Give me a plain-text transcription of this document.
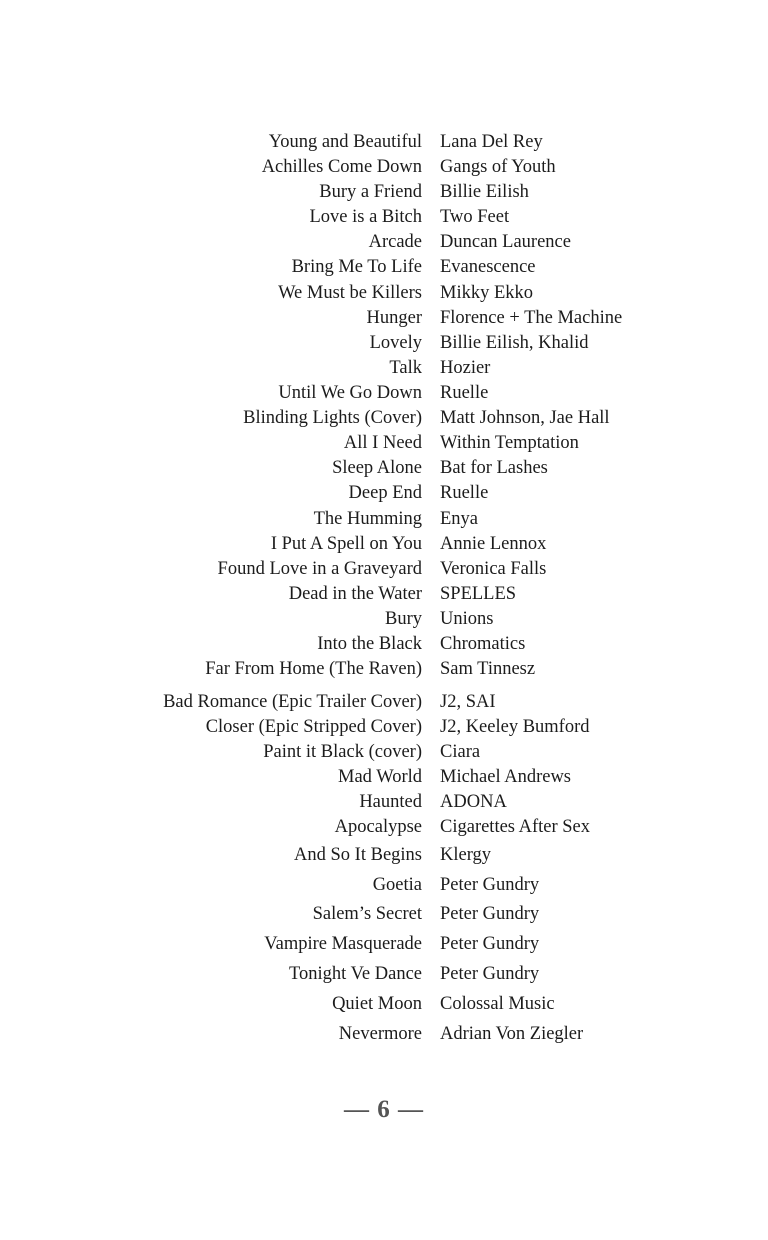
Young and Beautiful Lana Del Rey
Achilles Come Down Gangs of Youth
Bury a Friend Billie Eilish
Love is a Bitch Two Feet
Arcade Duncan Laurence
Bring Me To Life Evanescence
We Must be Killers Mikky Ekko
Hunger Florence + The Machine
Lovely Billie Eilish, Khalid
Talk Hozier
Until We Go Down Ruelle
Blinding Lights (Cover) Matt Johnson, Jae Hall
All I Need Within Temptation
Sleep Alone Bat for Lashes
Deep End Ruelle
The Humming Enya
I Put A Spell on You Annie Lennox
Found Love in a Graveyard Veronica Falls
Dead in the Water SPELLES
Bury Unions
Into the Black Chromatics
Far From Home (The Raven) Sam Tinnesz
Bad Romance (Epic Trailer Cover) J2, SAI
Closer (Epic Stripped Cover) J2, Keeley Bumford
Paint it Black (cover) Ciara
Mad World Michael Andrews
Haunted ADONA
Apocalypse Cigarettes After Sex
And So It Begins Klergy
Goetia Peter Gundry
Salem’s Secret Peter Gundry
Vampire Masquerade Peter Gundry
Tonight Ve Dance Peter Gundry
Quiet Moon Colossal Music
Nevermore Adrian Von Ziegler
— 6 —
